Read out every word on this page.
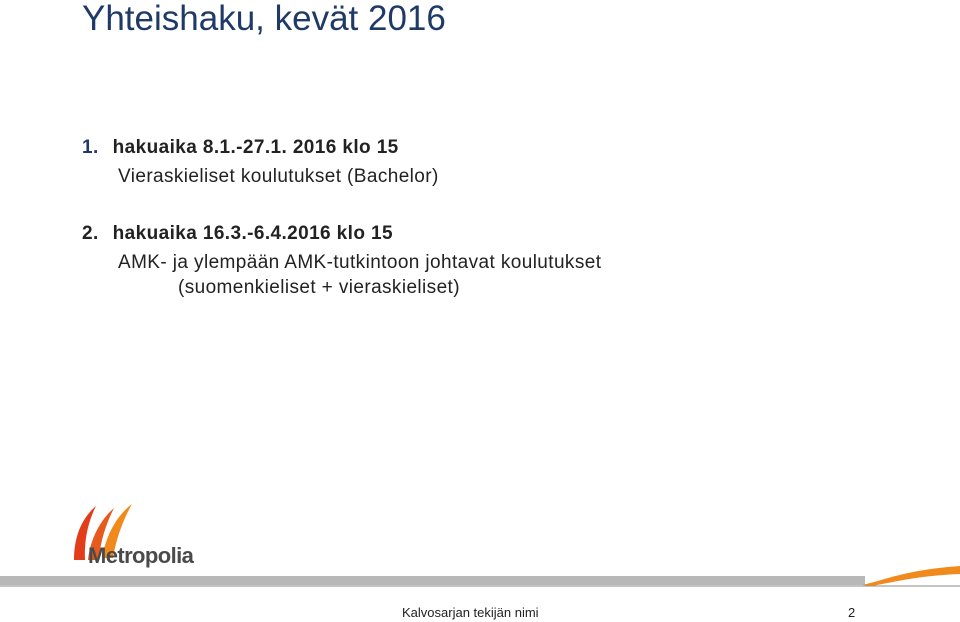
Yhteishaku, kevät 2016
1. hakuaika 8.1.-27.1. 2016 klo 15
Vieraskieliset koulutukset (Bachelor)
2. hakuaika 16.3.-6.4.2016 klo 15
AMK- ja ylempään AMK-tutkintoon johtavat koulutukset
(suomenkieliset + vieraskieliset)
Metropolia
Kalvosarjan tekijän nimi	2
